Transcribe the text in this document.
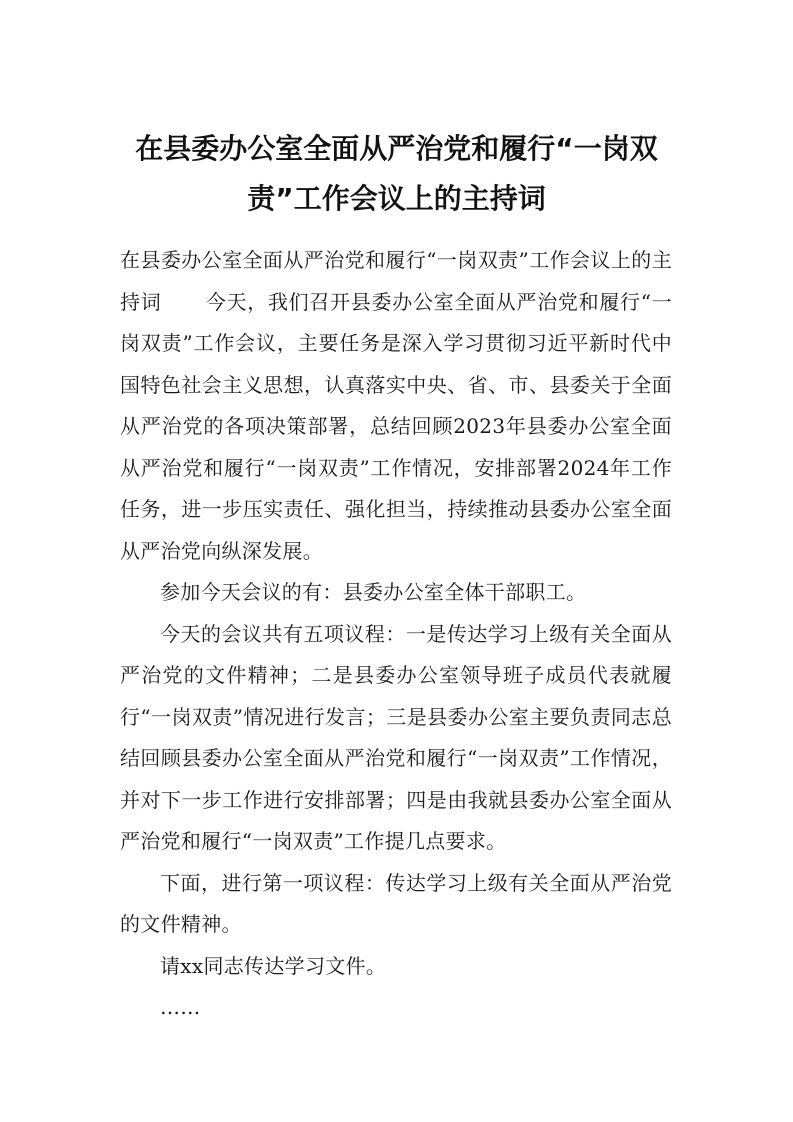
在县委办公室全面从严治党和履行“一岗双责”工作会议上的主持词

在县委办公室全面从严治党和履行“一岗双责”工作会议上的主持词 今天，我们召开县委办公室全面从严治党和履行“一岗双责”工作会议，主要任务是深入学习贯彻习近平新时代中国特色社会主义思想，认真落实中央、省、市、县委关于全面从严治党的各项决策部署，总结回顾2023年县委办公室全面从严治党和履行“一岗双责”工作情况，安排部署2024年工作任务，进一步压实责任、强化担当，持续推动县委办公室全面从严治党向纵深发展。

参加今天会议的有：县委办公室全体干部职工。

今天的会议共有五项议程：一是传达学习上级有关全面从严治党的文件精神；二是县委办公室领导班子成员代表就履行“一岗双责”情况进行发言；三是县委办公室主要负责同志总结回顾县委办公室全面从严治党和履行“一岗双责”工作情况，并对下一步工作进行安排部署；四是由我就县委办公室全面从严治党和履行“一岗双责”工作提几点要求。

下面，进行第一项议程：传达学习上级有关全面从严治党的文件精神。

请xx同志传达学习文件。

……
